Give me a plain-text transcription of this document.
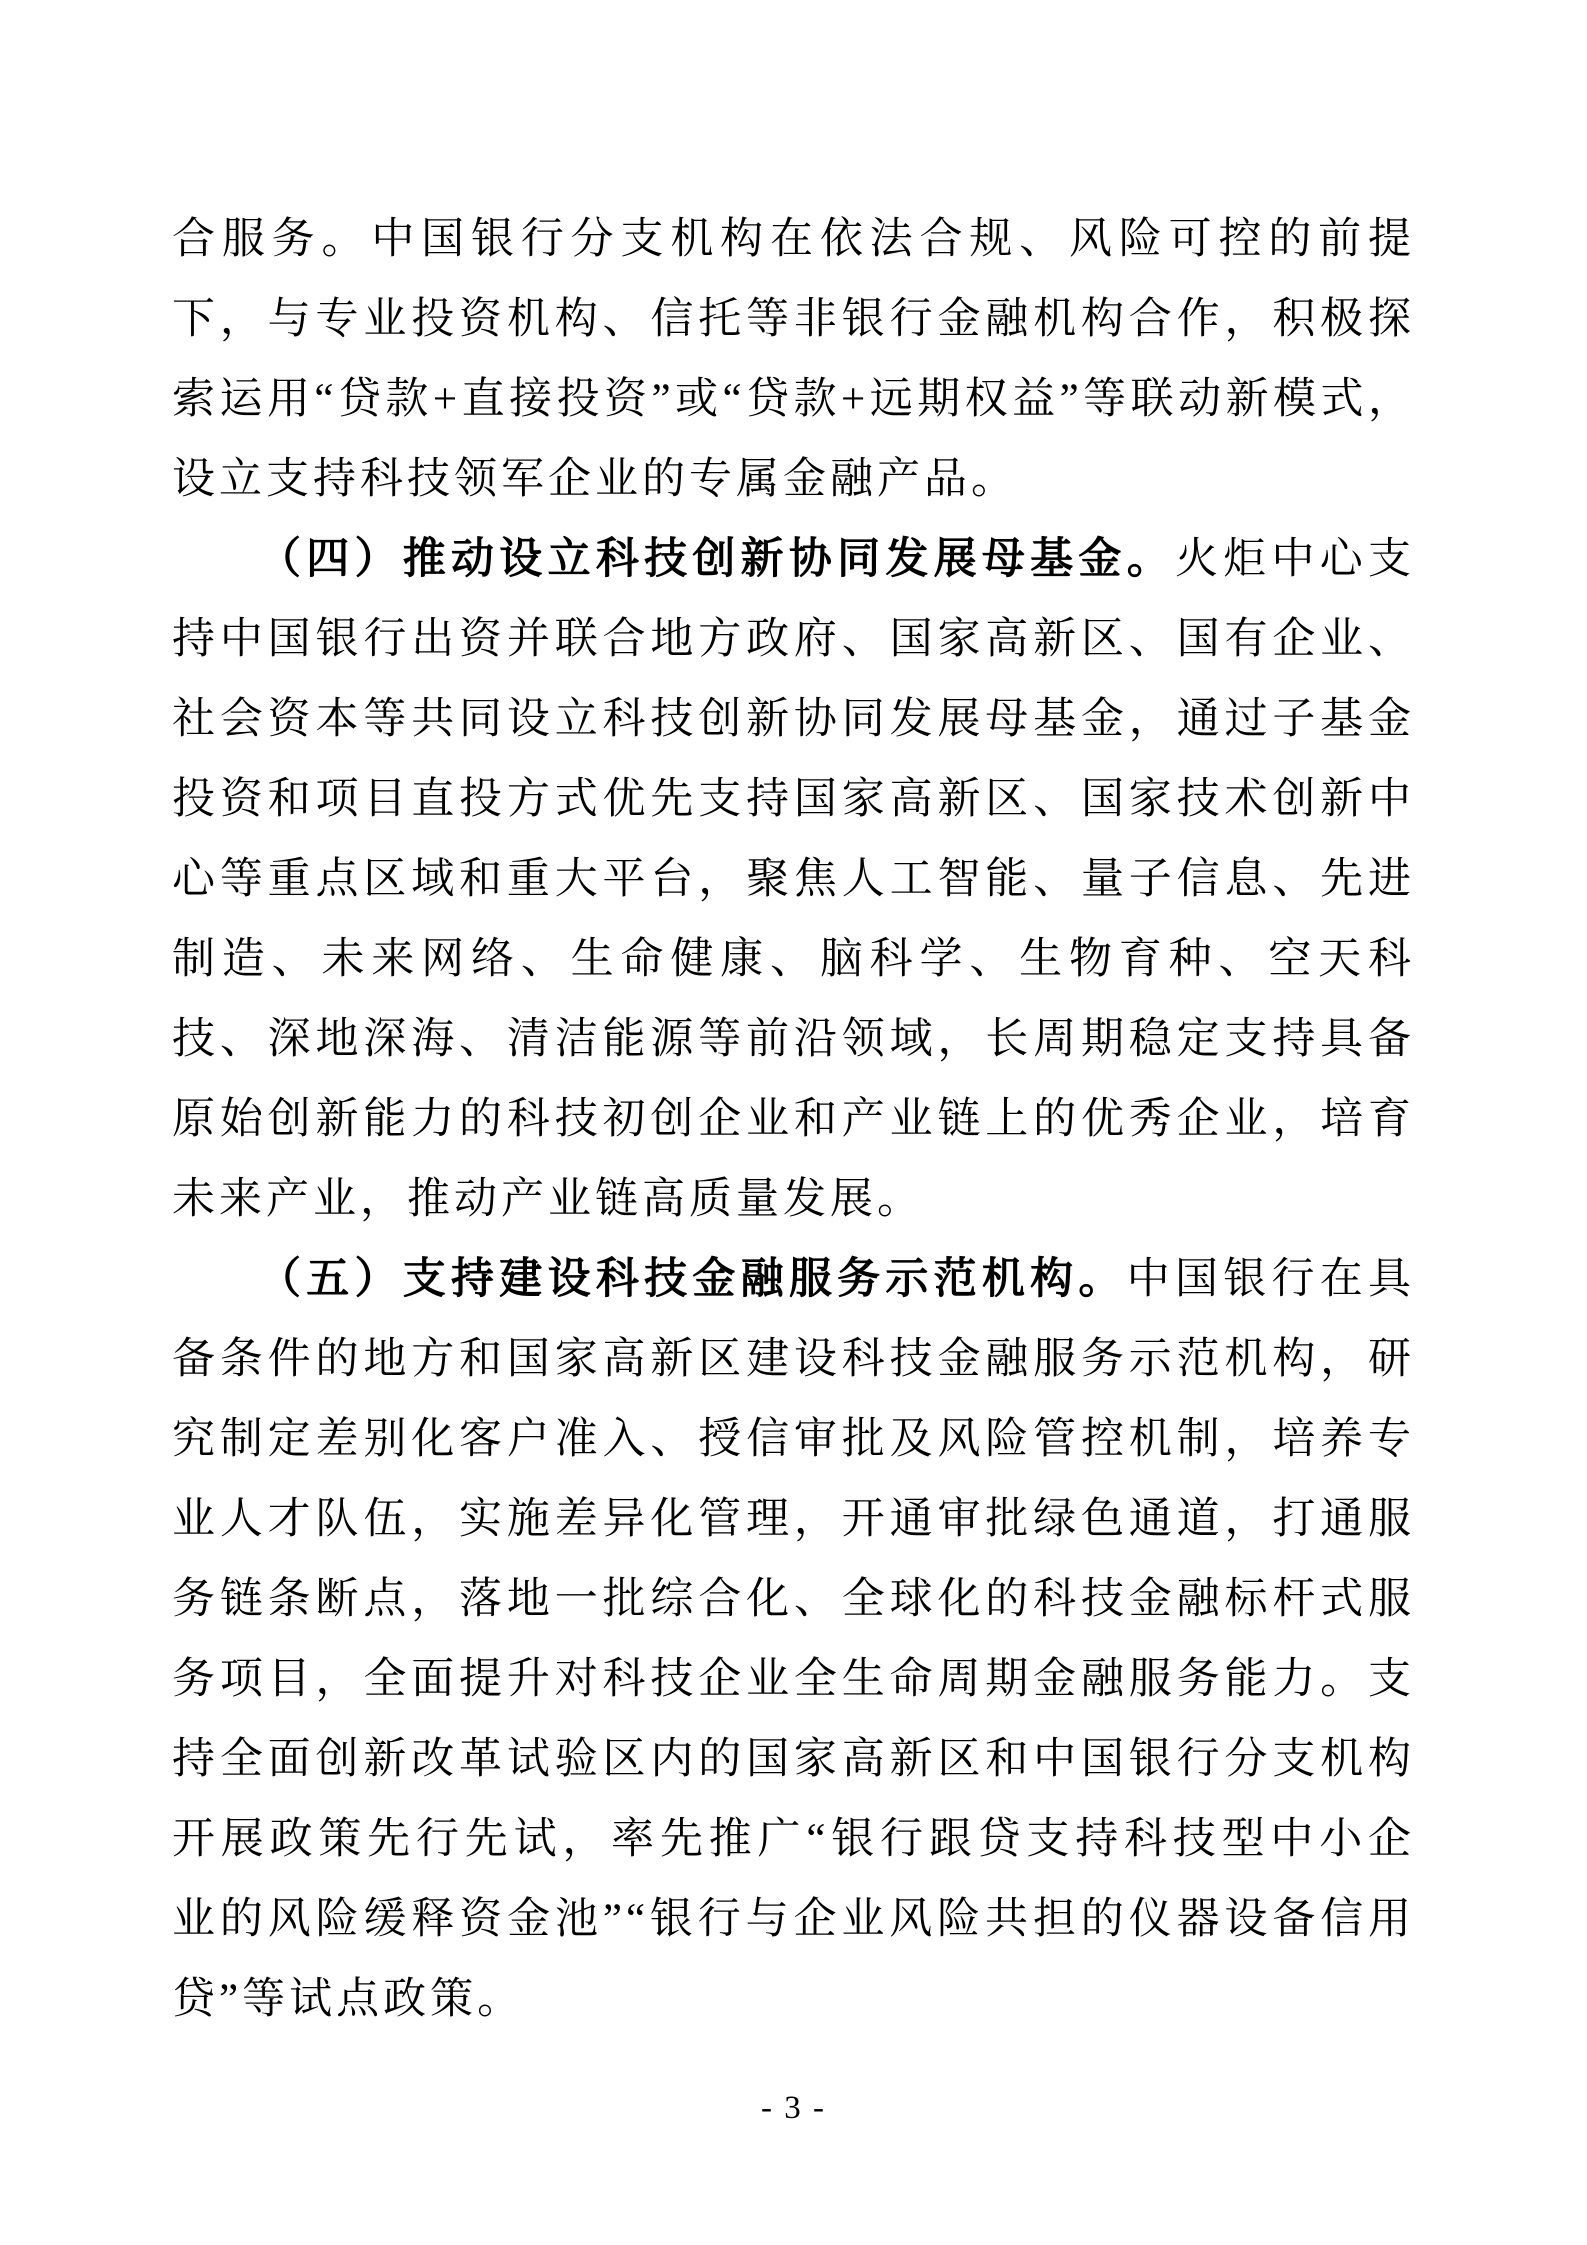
合服务。中国银行分支机构在依法合规、风险可控的前提下，与专业投资机构、信托等非银行金融机构合作，积极探索运用“贷款+直接投资”或“贷款+远期权益”等联动新模式，设立支持科技领军企业的专属金融产品。

（四）推动设立科技创新协同发展母基金。火炬中心支持中国银行出资并联合地方政府、国家高新区、国有企业、社会资本等共同设立科技创新协同发展母基金，通过子基金投资和项目直投方式优先支持国家高新区、国家技术创新中心等重点区域和重大平台，聚焦人工智能、量子信息、先进制造、未来网络、生命健康、脑科学、生物育种、空天科技、深地深海、清洁能源等前沿领域，长周期稳定支持具备原始创新能力的科技初创企业和产业链上的优秀企业，培育未来产业，推动产业链高质量发展。

（五）支持建设科技金融服务示范机构。中国银行在具备条件的地方和国家高新区建设科技金融服务示范机构，研究制定差别化客户准入、授信审批及风险管控机制，培养专业人才队伍，实施差异化管理，开通审批绿色通道，打通服务链条断点，落地一批综合化、全球化的科技金融标杆式服务项目，全面提升对科技企业全生命周期金融服务能力。支持全面创新改革试验区内的国家高新区和中国银行分支机构开展政策先行先试，率先推广“银行跟贷支持科技型中小企业的风险缓释资金池”“银行与企业风险共担的仪器设备信用贷”等试点政策。

- 3 -
